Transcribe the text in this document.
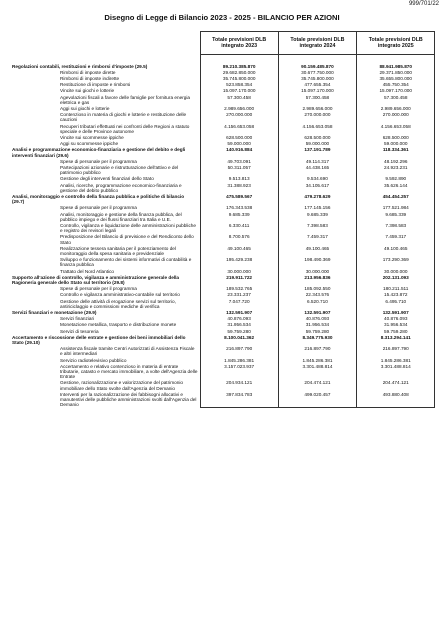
999/701/22
Disegno di Legge di Bilancio 2023 - 2025 - BILANCIO PER AZIONI
	Totale previsioni DLB integrato 2023	Totale previsioni DLB integrato 2024	Totale previsioni DLB integrato 2025

Regolazioni contabili, restituzioni e rimborsi d'imposte (29.5)	89.210.385.870	90.159.485.870	88.941.985.870
Rimborsi di imposte dirette	29.682.850.000	30.677.750.000	29.371.850.000
Rimborsi di imposte indirette	35.745.800.000	35.745.800.000	35.655.800.000
Restituzione di imposte e rimborsi	523.858.354	477.655.354	455.750.354
Vincite sui giochi e lotterie	15.097.170.000	15.097.170.000	15.097.170.000
Agevolazioni fiscali a favore delle famiglie per fornitura energia elettrica e gas	57.300.458	57.300.458	57.300.458
Aggi sui giochi e lotterie	2.989.656.000	2.989.656.000	2.989.656.000
Contenzioso in materia di giochi e lotterie e restituzione delle cauzioni	270.000.000	270.000.000	270.000.000
Recuperi tributari effettuati nei confronti delle Regioni a statuto speciale e delle Province autonome	4.156.653.058	4.156.653.058	4.156.653.058
Vincite sui scommesse ippiche	628.500.000	628.500.000	628.500.000
Aggi su scommesse ippiche	59.000.000	59.000.000	59.000.000
Analisi e programmazione economico-finanziaria e gestione del debito e degli interventi finanziari (29.6)	140.916.884	137.191.789	118.334.361
Spese di personale per il programma	49.703.091	49.114.317	48.192.296
Partecipazioni azionarie e ristrutturazione dell'attivo e del patrimonio pubblico	50.311.057	44.438.165	24.923.231
Gestione degli interventi finanziari dello Stato	9.513.813	9.534.690	9.592.890
Analisi, ricerche, programmazione economico-finanziaria e gestione del debito pubblico	31.388.923	34.105.617	35.626.144
Analisi, monitoraggio e controllo della finanza pubblica e politiche di bilancio (29.7)	475.589.567	479.278.629	454.454.257
Spese di personale per il programma	176.343.538	177.145.156	177.521.984
Analisi, monitoraggio e gestione della finanza pubblica, del pubblico impiego e dei flussi finanziari tra Italia e U.E.	9.685.339	9.685.339	9.685.339
Controllo, vigilanza e liquidazione delle amministrazioni pubbliche e registro dei revisori legali	6.330.411	7.398.583	7.398.583
Predisposizione del Bilancio di previsione e del Rendiconto dello Stato	8.700.576	7.459.317	7.459.317
Realizzazione tessera sanitaria per il potenziamento del monitoraggio della spesa sanitaria e previdenziale	49.100.465	49.100.465	49.100.465
Sviluppo e funzionamento dei sistemi informativi di contabilità e finanza pubblica	195.429.238	198.490.369	173.290.369
Trattato del Nord Atlantico	30.000.000	30.000.000	30.000.000
Supporto all'azione di controllo, vigilanza e amministrazione generale della Ragioneria generale dello Stato sul territorio (29.8)	219.911.722	213.956.836	202.131.093
Spese di personale per il programma	189.532.765	185.092.550	180.211.511
Controllo e vigilanza amministrativo-contabile sul territorio	23.331.237	22.343.576	15.423.872
Gestione delle attività di erogazione servizi sul territorio, antiriciclaggio e commissioni mediche di verifica	7.047.720	6.520.710	6.495.710
Servizi finanziari e monetazione (29.9)	132.591.907	132.591.907	132.591.907
Servizi finanziari	40.876.093	40.876.093	40.876.093
Monetazione metallica, trasporto e distribuzione monete	31.956.534	31.956.534	31.956.534
Servizi di tesoreria	59.759.280	59.759.280	59.759.280
Accertamento e riscossione delle entrate e gestione dei beni immobiliari dello Stato (29.10)	8.100.041.362	8.349.775.930	8.313.294.141
Assistenza fiscale tramite Centri Autorizzati di Assistenza Fiscale e altri intermediari	216.897.790	216.897.790	216.897.790
Servizio radiotelevisivo pubblico	1.845.286.381	1.845.286.381	1.845.286.381
Accertamento e relativo contenzioso in materia di entrate tributarie, catasto e mercato immobiliare, a volte dell'Agenzia delle Entrate	3.157.023.937	3.301.488.814	3.301.488.814
Gestione, razionalizzazione e valorizzazione del patrimonio immobiliare dello Stato svolte dall'Agenzia del Demanio	204.934.121	204.474.121	204.474.121
Interventi per la razionalizzazione dei fabbisogni allocativi e manutentivi delle pubbliche amministrazioni svolti dall'Agenzia del Demanio	397.834.783	499.020.457	493.880.408
